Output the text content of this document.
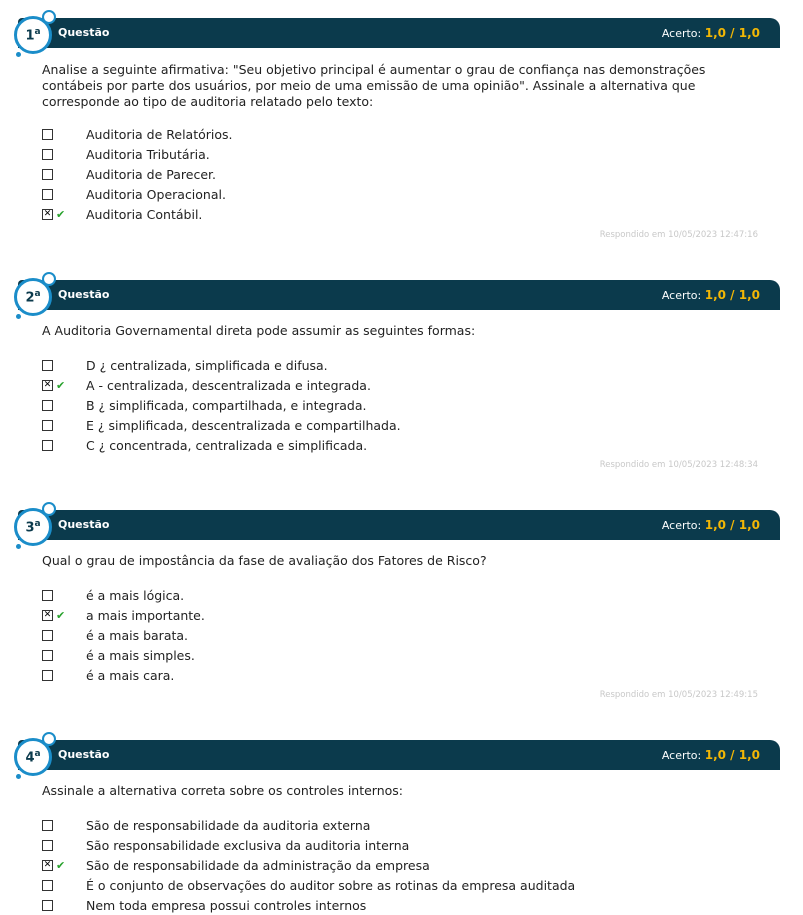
Questão	Acerto: 1,0 / 1,0
1$^a$
Analise a seguinte afirmativa: "Seu objetivo principal é aumentar o grau de confiança nas demonstrações contábeis por parte dos usuários, por meio de uma emissão de uma opinião". Assinale a alternativa que corresponde ao tipo de auditoria relatado pelo texto:
Auditoria de Relatórios.
Auditoria Tributária.
Auditoria de Parecer.
Auditoria Operacional.
✕ ✔ Auditoria Contábil.
Respondido em 10/05/2023 12:47:16
Questão	Acerto: 1,0 / 1,0
2$^a$
A Auditoria Governamental direta pode assumir as seguintes formas:
D ¿ centralizada, simplificada e difusa.
✕ ✔ A - centralizada, descentralizada e integrada.
B ¿ simplificada, compartilhada, e integrada.
E ¿ simplificada, descentralizada e compartilhada.
C ¿ concentrada, centralizada e simplificada.
Respondido em 10/05/2023 12:48:34
Questão	Acerto: 1,0 / 1,0
3$^a$
Qual o grau de impostância da fase de avaliação dos Fatores de Risco?
é a mais lógica.
✕ ✔ a mais importante.
é a mais barata.
é a mais simples.
é a mais cara.
Respondido em 10/05/2023 12:49:15
Questão	Acerto: 1,0 / 1,0
4$^a$
Assinale a alternativa correta sobre os controles internos:
São de responsabilidade da auditoria externa
São responsabilidade exclusiva da auditoria interna
✕ ✔ São de responsabilidade da administração da empresa
É o conjunto de observações do auditor sobre as rotinas da empresa auditada
Nem toda empresa possui controles internos
